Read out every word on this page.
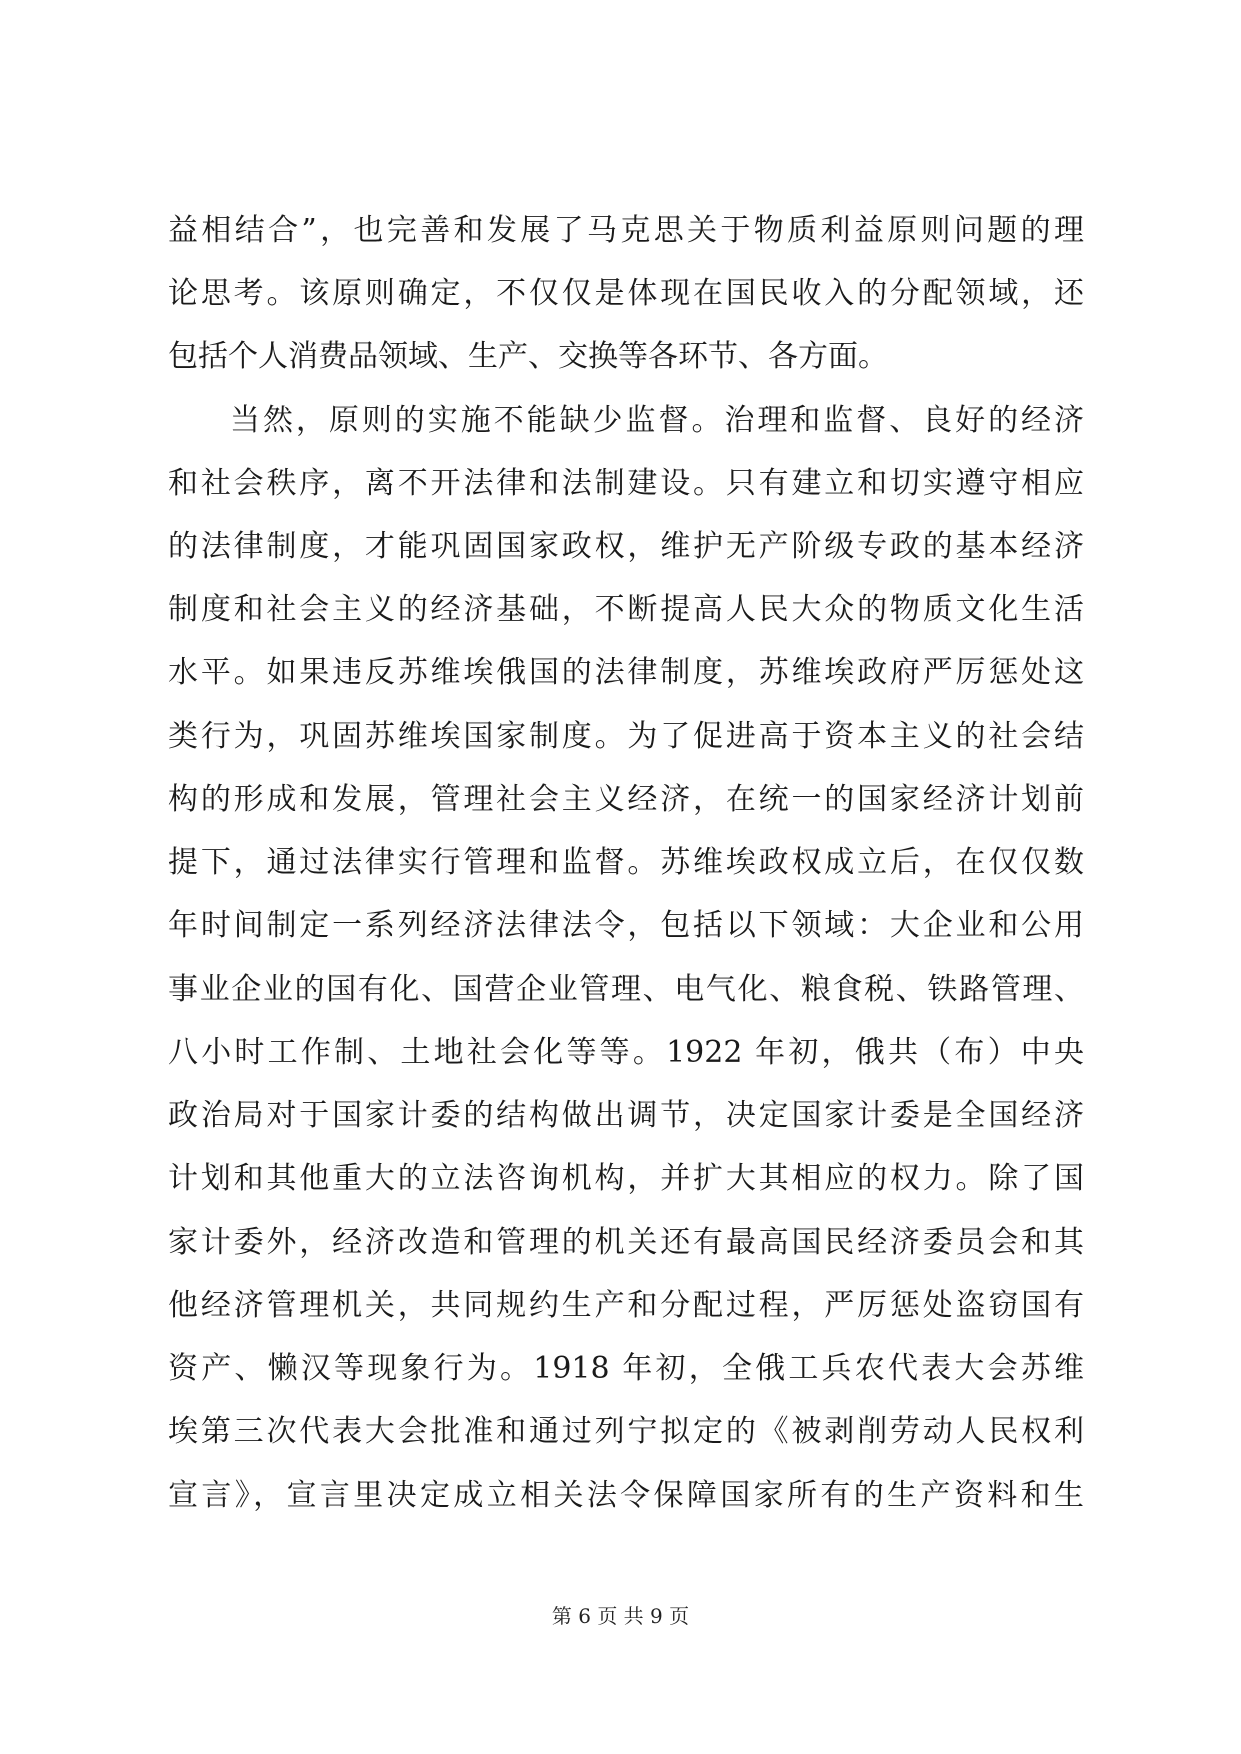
益相结合”，也完善和发展了马克思关于物质利益原则问题的理
论思考。该原则确定，不仅仅是体现在国民收入的分配领域，还
包括个人消费品领域、生产、交换等各环节、各方面。
当然，原则的实施不能缺少监督。治理和监督、良好的经济
和社会秩序，离不开法律和法制建设。只有建立和切实遵守相应
的法律制度，才能巩固国家政权，维护无产阶级专政的基本经济
制度和社会主义的经济基础，不断提高人民大众的物质文化生活
水平。如果违反苏维埃俄国的法律制度，苏维埃政府严厉惩处这
类行为，巩固苏维埃国家制度。为了促进高于资本主义的社会结
构的形成和发展，管理社会主义经济，在统一的国家经济计划前
提下，通过法律实行管理和监督。苏维埃政权成立后，在仅仅数
年时间制定一系列经济法律法令，包括以下领域：大企业和公用
事业企业的国有化、国营企业管理、电气化、粮食税、铁路管理、
八小时工作制、土地社会化等等。1922 年初，俄共（布）中央
政治局对于国家计委的结构做出调节，决定国家计委是全国经济
计划和其他重大的立法咨询机构，并扩大其相应的权力。除了国
家计委外，经济改造和管理的机关还有最高国民经济委员会和其
他经济管理机关，共同规约生产和分配过程，严厉惩处盗窃国有
资产、懒汉等现象行为。1918 年初，全俄工兵农代表大会苏维
埃第三次代表大会批准和通过列宁拟定的《被剥削劳动人民权利
宣言》，宣言里决定成立相关法令保障国家所有的生产资料和生
第 6 页 共 9 页
